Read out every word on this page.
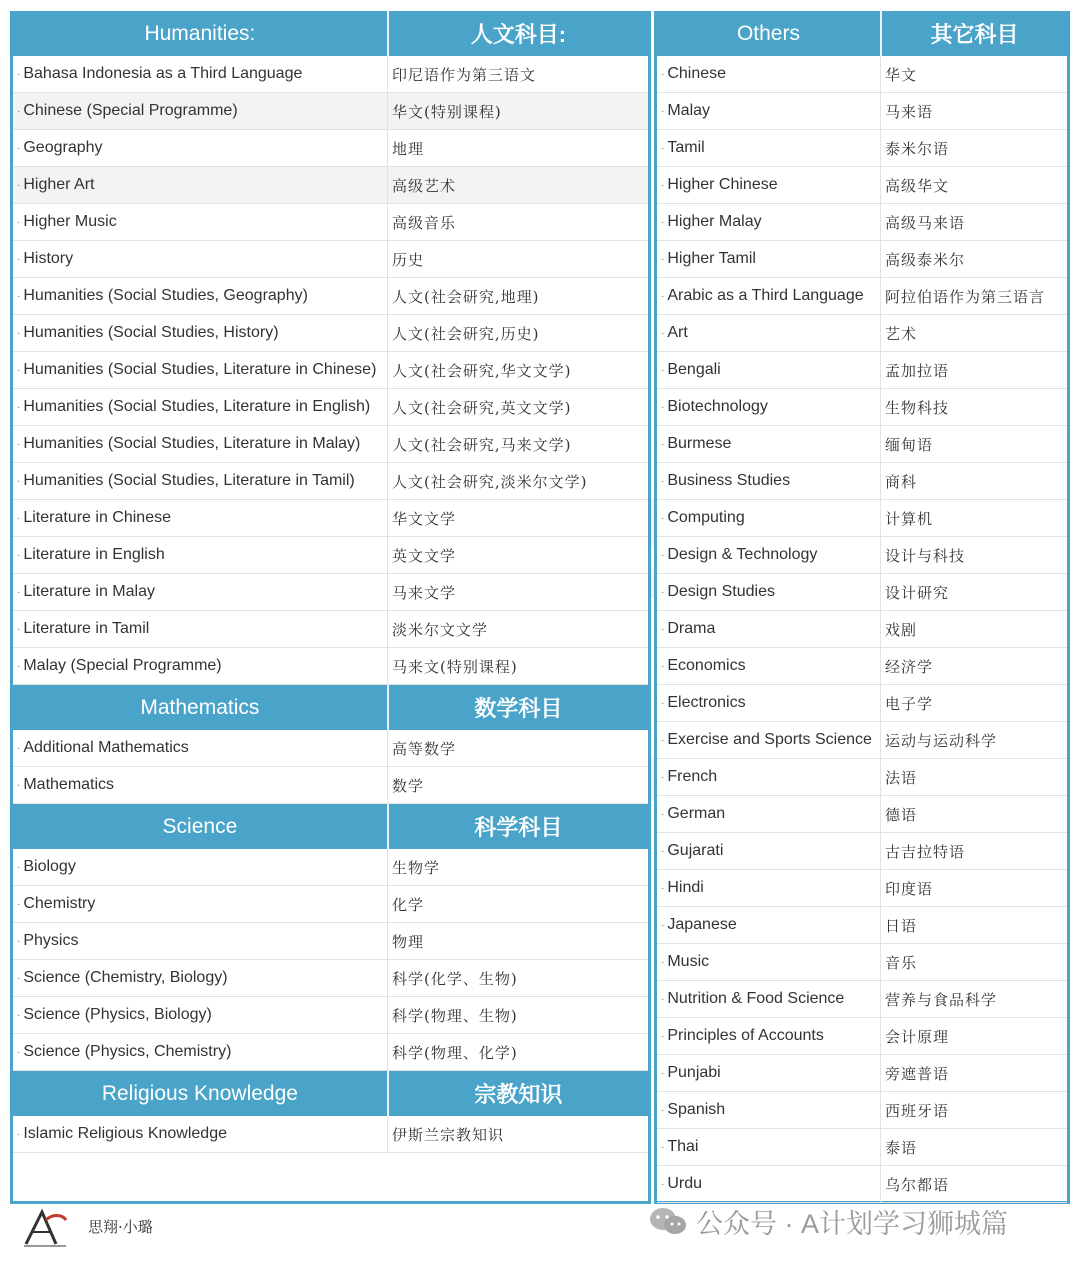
Humanities:	人文科目:
· Bahasa Indonesia as a Third Language	印尼语作为第三语文
· Chinese (Special Programme)	华文(特别课程)
· Geography	地理
· Higher Art	高级艺术
· Higher Music	高级音乐
· History	历史
· Humanities (Social Studies, Geography)	人文(社会研究,地理)
· Humanities (Social Studies, History)	人文(社会研究,历史)
· Humanities (Social Studies, Literature in Chinese)	人文(社会研究,华文文学)
· Humanities (Social Studies, Literature in English)	人文(社会研究,英文文学)
· Humanities (Social Studies, Literature in Malay)	人文(社会研究,马来文学)
· Humanities (Social Studies, Literature in Tamil)	人文(社会研究,淡米尔文学)
· Literature in Chinese	华文文学
· Literature in English	英文文学
· Literature in Malay	马来文学
· Literature in Tamil	淡米尔文文学
· Malay (Special Programme)	马来文(特别课程)
Mathematics	数学科目
· Additional Mathematics	高等数学
· Mathematics	数学
Science	科学科目
· Biology	生物学
· Chemistry	化学
· Physics	物理
· Science (Chemistry, Biology)	科学(化学、生物)
· Science (Physics, Biology)	科学(物理、生物)
· Science (Physics, Chemistry)	科学(物理、化学)
Religious Knowledge	宗教知识
· Islamic Religious Knowledge	伊斯兰宗教知识
Others	其它科目
· Chinese	华文
· Malay	马来语
· Tamil	泰米尔语
· Higher Chinese	高级华文
· Higher Malay	高级马来语
· Higher Tamil	高级泰米尔
· Arabic as a Third Language	阿拉伯语作为第三语言
· Art	艺术
· Bengali	孟加拉语
· Biotechnology	生物科技
· Burmese	缅甸语
· Business Studies	商科
· Computing	计算机
· Design & Technology	设计与科技
· Design Studies	设计研究
· Drama	戏剧
· Economics	经济学
· Electronics	电子学
· Exercise and Sports Science 运动与运动科学
· French	法语
· German	德语
· Gujarati	古吉拉特语
· Hindi	印度语
· Japanese	日语
· Music	音乐
· Nutrition & Food Science	营养与食品科学
· Principles of Accounts	会计原理
· Punjabi	旁遮普语
· Spanish	西班牙语
· Thai	泰语
· Urdu	乌尔都语
思翔·小璐	公众号 · A计划学习狮城篇
